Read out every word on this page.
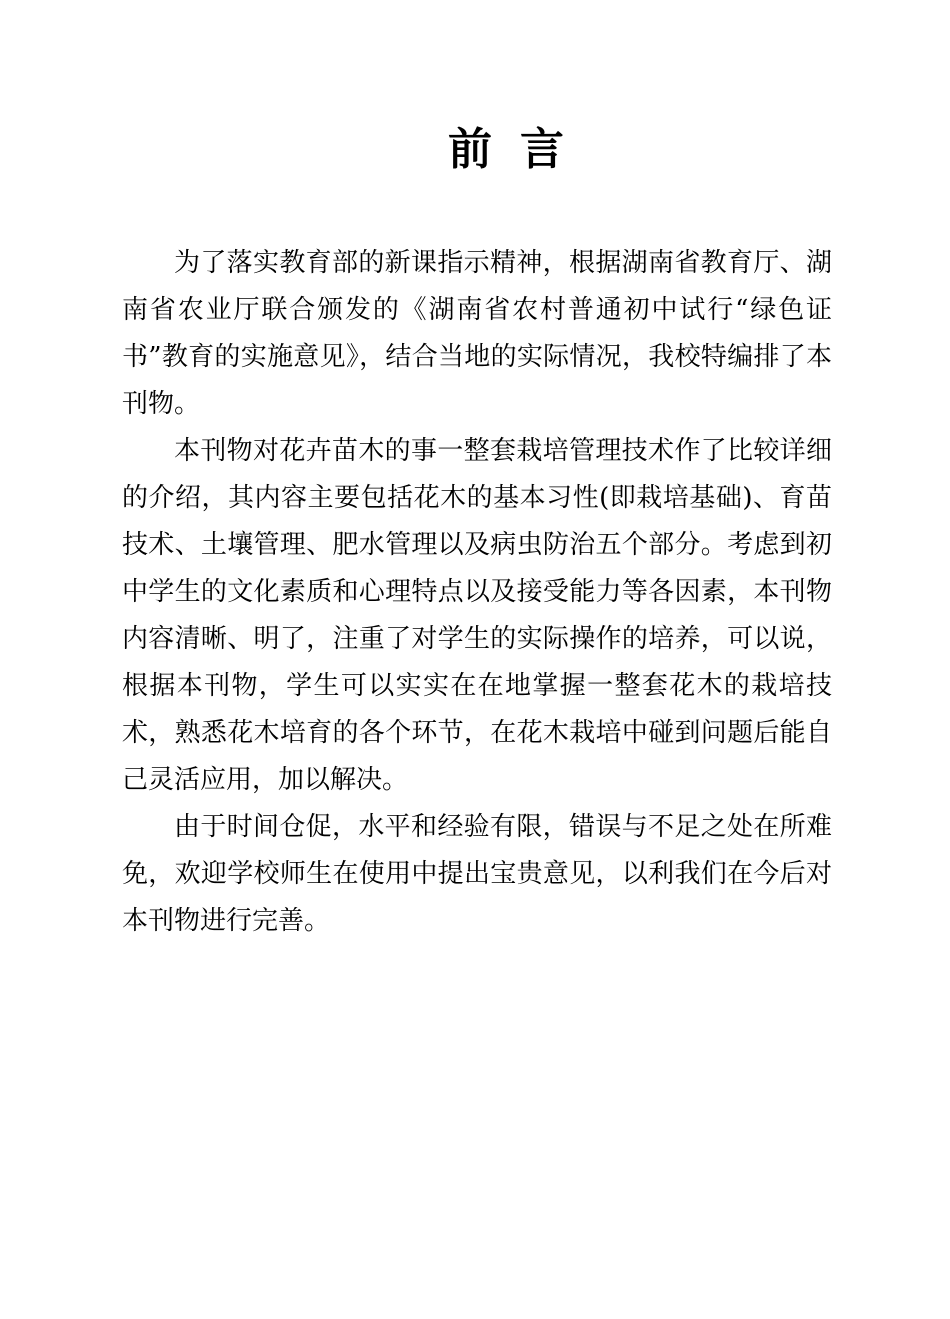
前言

为了落实教育部的新课指示精神，根据湖南省教育厅、湖南省农业厅联合颁发的《湖南省农村普通初中试行“绿色证书”教育的实施意见》，结合当地的实际情况，我校特编排了本刊物。

本刊物对花卉苗木的事一整套栽培管理技术作了比较详细的介绍，其内容主要包括花木的基本习性(即栽培基础)、育苗技术、土壤管理、肥水管理以及病虫防治五个部分。考虑到初中学生的文化素质和心理特点以及接受能力等各因素，本刊物内容清晰、明了，注重了对学生的实际操作的培养，可以说，根据本刊物，学生可以实实在在地掌握一整套花木的栽培技术，熟悉花木培育的各个环节，在花木栽培中碰到问题后能自己灵活应用，加以解决。

由于时间仓促，水平和经验有限，错误与不足之处在所难免，欢迎学校师生在使用中提出宝贵意见，以利我们在今后对本刊物进行完善。
